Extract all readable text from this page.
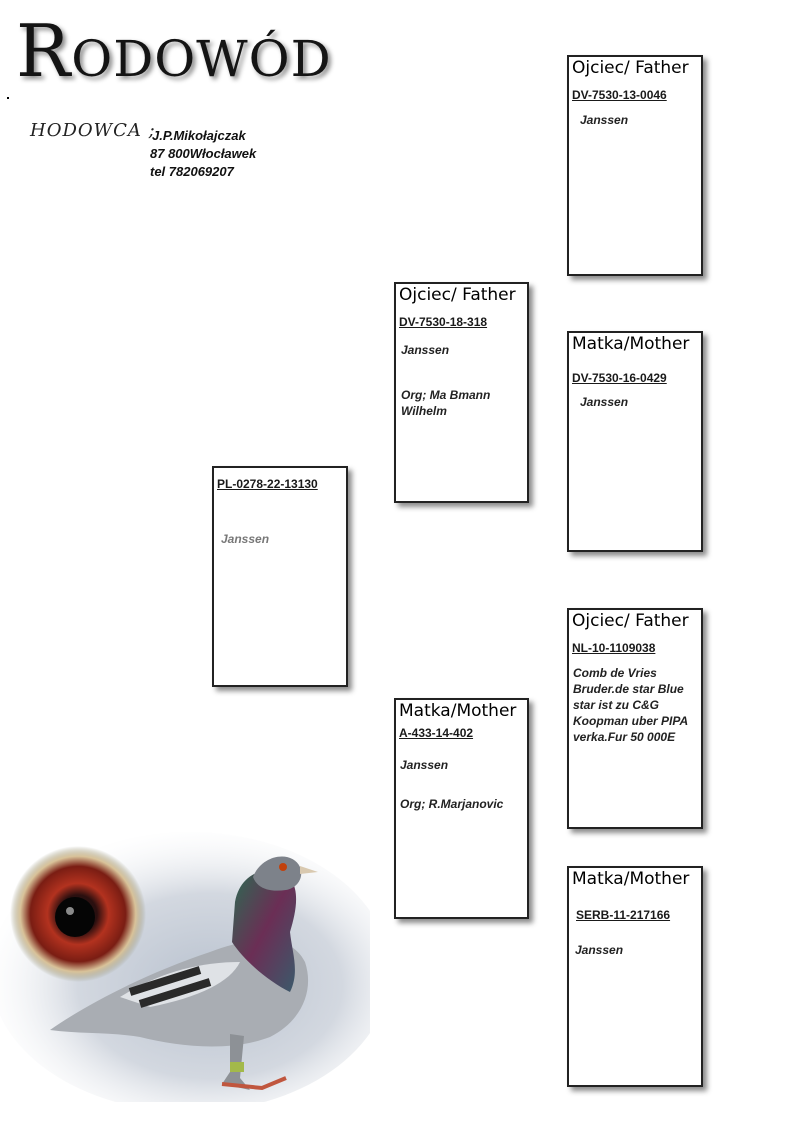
Rodowód
HODOWCA ;
J.P.Mikołajczak
87 800Włocławek
tel 782069207
PL-0278-22-13130
Janssen
Ojciec/ Father
DV-7530-18-318
Janssen
Org; Ma Bmann Wilhelm
Matka/Mother
A-433-14-402
Janssen
Org; R.Marjanovic
Ojciec/ Father
DV-7530-13-0046
Janssen
Matka/Mother
DV-7530-16-0429
Janssen
Ojciec/ Father
NL-10-1109038
Comb de Vries Bruder.de star Blue star ist zu C&G Koopman uber PIPA verka.Fur 50 000E
Matka/Mother
SERB-11-217166
Janssen
